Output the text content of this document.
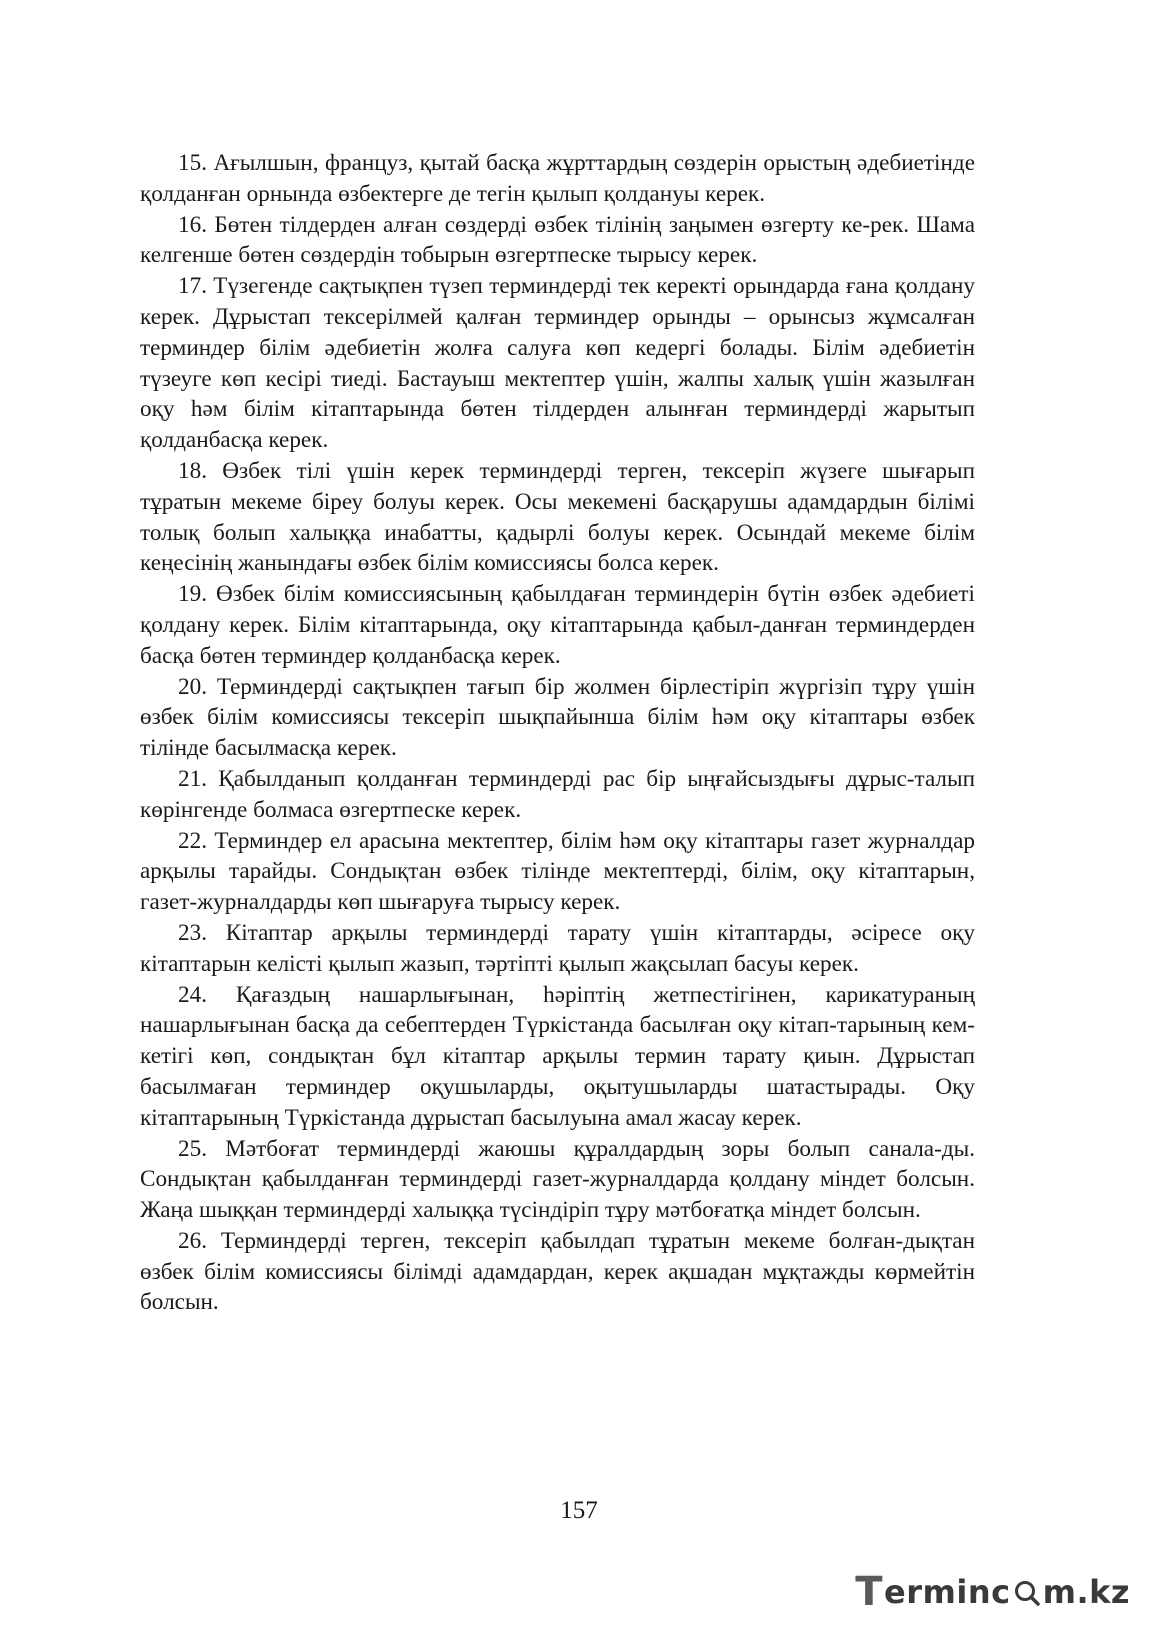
15. Ағылшын, француз, қытай басқа жұрттардың сөздерін орыстың әдебиетінде қолданған орнында өзбектерге де тегін қылып қолдануы керек.

16. Бөтен тілдерден алған сөздерді өзбек тілінің заңымен өзгерту ке-рек. Шама келгенше бөтен сөздердін тобырын өзгертпеске тырысу керек.

17. Түзегенде сақтықпен түзеп терминдерді тек керекті орындарда ғана қолдану керек. Дұрыстап тексерілмей қалған терминдер орынды – орынсыз жұмсалған терминдер білім әдебиетін жолға салуға көп кедергі болады. Білім әдебиетін түзеуге көп кесірі тиеді. Бастауыш мектептер үшін, жалпы халық үшін жазылған оқу һәм білім кітаптарында бөтен тілдерден алынған терминдерді жарытып қолданбасқа керек.

18. Өзбек тілі үшін керек терминдерді терген, тексеріп жүзеге шығарып тұратын мекеме біреу болуы керек. Осы мекемені басқарушы адамдардын білімі толық болып халыққа инабатты, қадырлі болуы керек. Осындай мекеме білім кеңесінің жанындағы өзбек білім комиссиясы болса керек.

19. Өзбек білім комиссиясының қабылдаған терминдерін бүтін өзбек әдебиеті қолдану керек. Білім кітаптарында, оқу кітаптарында қабыл-данған терминдерден басқа бөтен терминдер қолданбасқа керек.

20. Терминдерді сақтықпен тағып бір жолмен бірлестіріп жүргізіп тұру үшін өзбек білім комиссиясы тексеріп шықпайынша білім һәм оқу кітаптары өзбек тілінде басылмасқа керек.

21. Қабылданып қолданған терминдерді рас бір ыңғайсыздығы дұрыс-талып көрінгенде болмаса өзгертпеске керек.

22. Терминдер ел арасына мектептер, білім һәм оқу кітаптары газет журналдар арқылы тарайды. Сондықтан өзбек тілінде мектептерді, білім, оқу кітаптарын, газет-журналдарды көп шығаруға тырысу керек.

23. Кітаптар арқылы терминдерді тарату үшін кітаптарды, әсіресе оқу кітаптарын келісті қылып жазып, тәртіпті қылып жақсылап басуы керек.

24. Қағаздың нашарлығынан, һәріптің жетпестігінен, карикатураның нашарлығынан басқа да себептерден Түркістанда басылған оқу кітап-тарының кем-кетігі көп, сондықтан бұл кітаптар арқылы термин тарату қиын. Дұрыстап басылмаған терминдер оқушыларды, оқытушыларды шатастырады. Оқу кітаптарының Түркістанда дұрыстап басылуына амал жасау керек.

25. Мәтбоғат терминдерді жаюшы құралдардың зоры болып санала-ды. Сондықтан қабылданған терминдерді газет-журналдарда қолдану міндет болсын. Жаңа шыққан терминдерді халыққа түсіндіріп тұру мәтбоғатқа міндет болсын.

26. Терминдерді терген, тексеріп қабылдап тұратын мекеме болған-дықтан өзбек білім комиссиясы білімді адамдардан, керек ақшадан мұқтажды көрмейтін болсын.

157
T erminc m.kz
